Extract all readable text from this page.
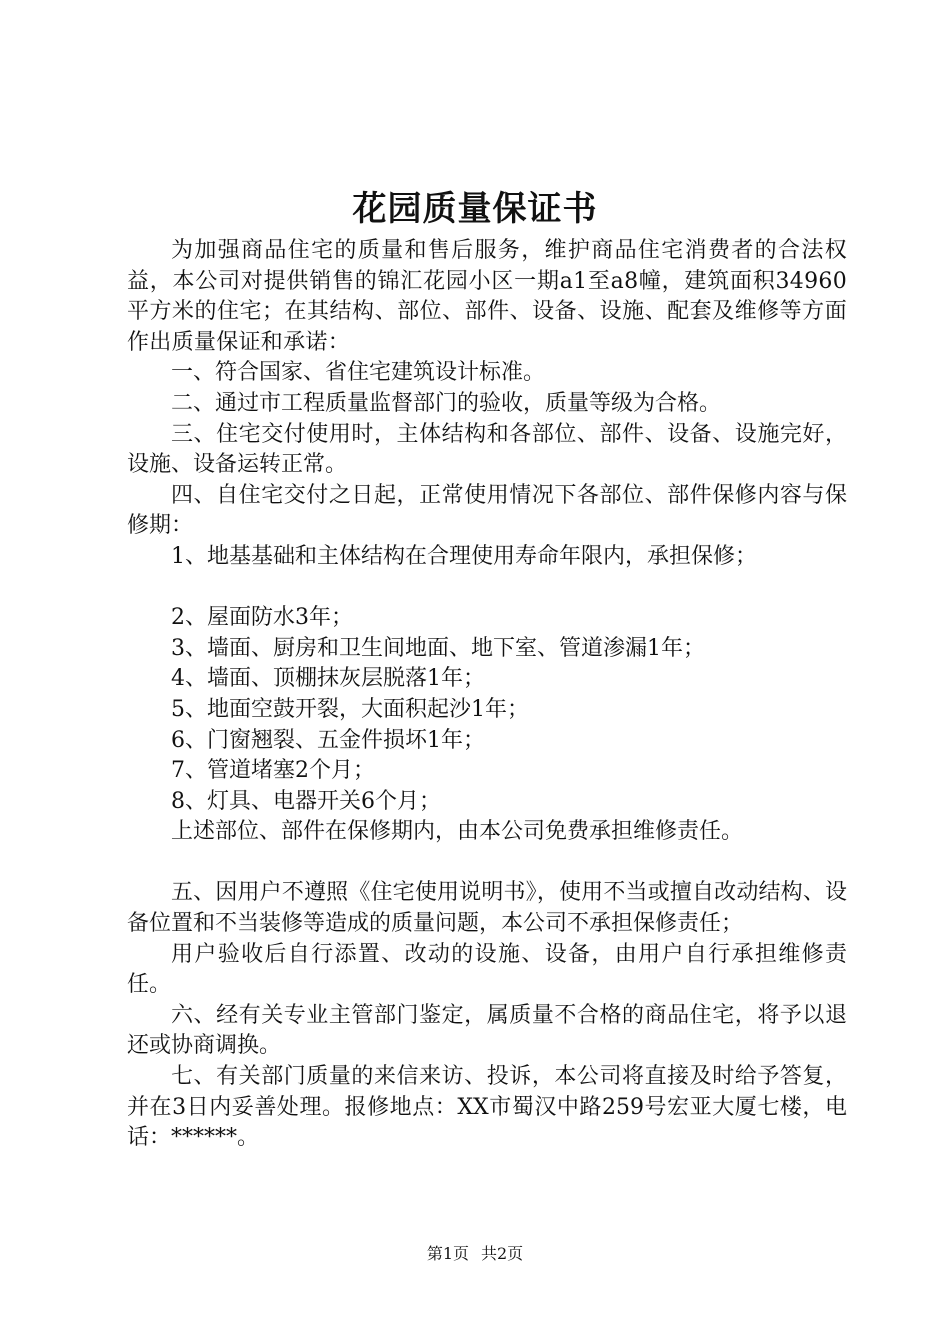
花园质量保证书

为加强商品住宅的质量和售后服务，维护商品住宅消费者的合法权益，本公司对提供销售的锦汇花园小区一期a1至a8幢，建筑面积34960平方米的住宅；在其结构、部位、部件、设备、设施、配套及维修等方面作出质量保证和承诺：

一、符合国家、省住宅建筑设计标准。

二、通过市工程质量监督部门的验收，质量等级为合格。

三、住宅交付使用时，主体结构和各部位、部件、设备、设施完好，设施、设备运转正常。

四、自住宅交付之日起，正常使用情况下各部位、部件保修内容与保修期：

1、地基基础和主体结构在合理使用寿命年限内，承担保修；

2、屋面防水3年；

3、墙面、厨房和卫生间地面、地下室、管道渗漏1年；

4、墙面、顶棚抹灰层脱落1年；

5、地面空鼓开裂，大面积起沙1年；

6、门窗翘裂、五金件损坏1年；

7、管道堵塞2个月；

8、灯具、电器开关6个月；

上述部位、部件在保修期内，由本公司免费承担维修责任。

五、因用户不遵照《住宅使用说明书》，使用不当或擅自改动结构、设备位置和不当装修等造成的质量问题，本公司不承担保修责任；

用户验收后自行添置、改动的设施、设备，由用户自行承担维修责任。

六、经有关专业主管部门鉴定，属质量不合格的商品住宅，将予以退还或协商调换。

七、有关部门质量的来信来访、投诉，本公司将直接及时给予答复，并在3日内妥善处理。报修地点：XX市蜀汉中路259号宏亚大厦七楼，电话：******。

第1页 共2页
